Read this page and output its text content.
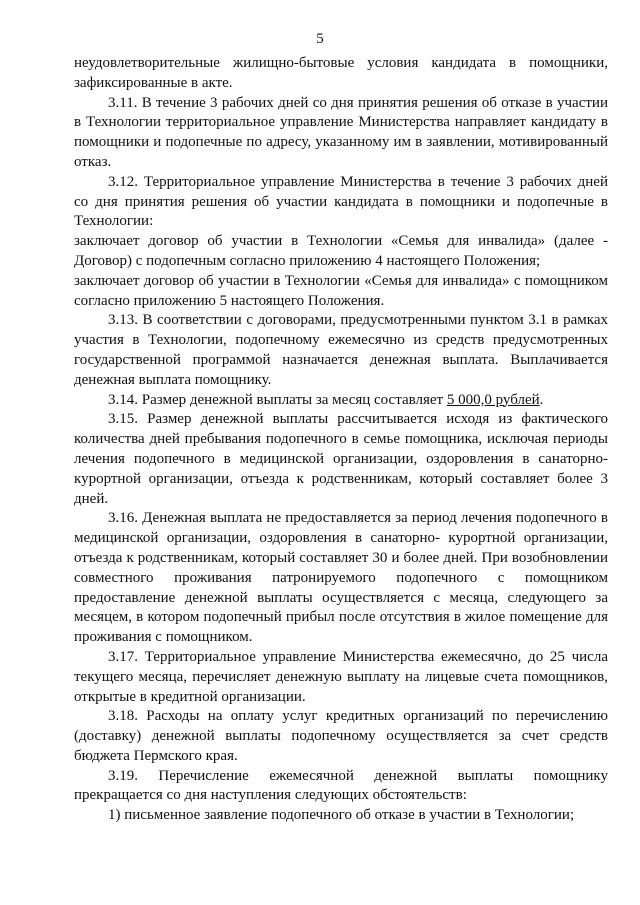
5

неудовлетворительные жилищно-бытовые условия кандидата в помощники, зафиксированные в акте.

3.11. В течение 3 рабочих дней со дня принятия решения об отказе в участии в Технологии территориальное управление Министерства направляет кандидату в помощники и подопечные по адресу, указанному им в заявлении, мотивированный отказ.

3.12. Территориальное управление Министерства в течение 3 рабочих дней со дня принятия решения об участии кандидата в помощники и подопечные в Технологии:

заключает договор об участии в Технологии «Семья для инвалида» (далее - Договор) с подопечным согласно приложению 4 настоящего Положения;

заключает договор об участии в Технологии «Семья для инвалида» с помощником согласно приложению 5 настоящего Положения.

3.13. В соответствии с договорами, предусмотренными пунктом 3.1 в рамках участия в Технологии, подопечному ежемесячно из средств предусмотренных государственной программой назначается денежная выплата. Выплачивается денежная выплата помощнику.

3.14. Размер денежной выплаты за месяц составляет 5 000,0 рублей.

3.15. Размер денежной выплаты рассчитывается исходя из фактического количества дней пребывания подопечного в семье помощника, исключая периоды лечения подопечного в медицинской организации, оздоровления в санаторно-курортной организации, отъезда к родственникам, который составляет более 3 дней.

3.16. Денежная выплата не предоставляется за период лечения подопечного в медицинской организации, оздоровления в санаторно- курортной организации, отъезда к родственникам, который составляет 30 и более дней. При возобновлении совместного проживания патронируемого подопечного с помощником предоставление денежной выплаты осуществляется с месяца, следующего за месяцем, в котором подопечный прибыл после отсутствия в жилое помещение для проживания с помощником.

3.17. Территориальное управление Министерства ежемесячно, до 25 числа текущего месяца, перечисляет денежную выплату на лицевые счета помощников, открытые в кредитной организации.

3.18. Расходы на оплату услуг кредитных организаций по перечислению (доставку) денежной выплаты подопечному осуществляется за счет средств бюджета Пермского края.

3.19. Перечисление ежемесячной денежной выплаты помощнику прекращается со дня наступления следующих обстоятельств:

1) письменное заявление подопечного об отказе в участии в Технологии;
